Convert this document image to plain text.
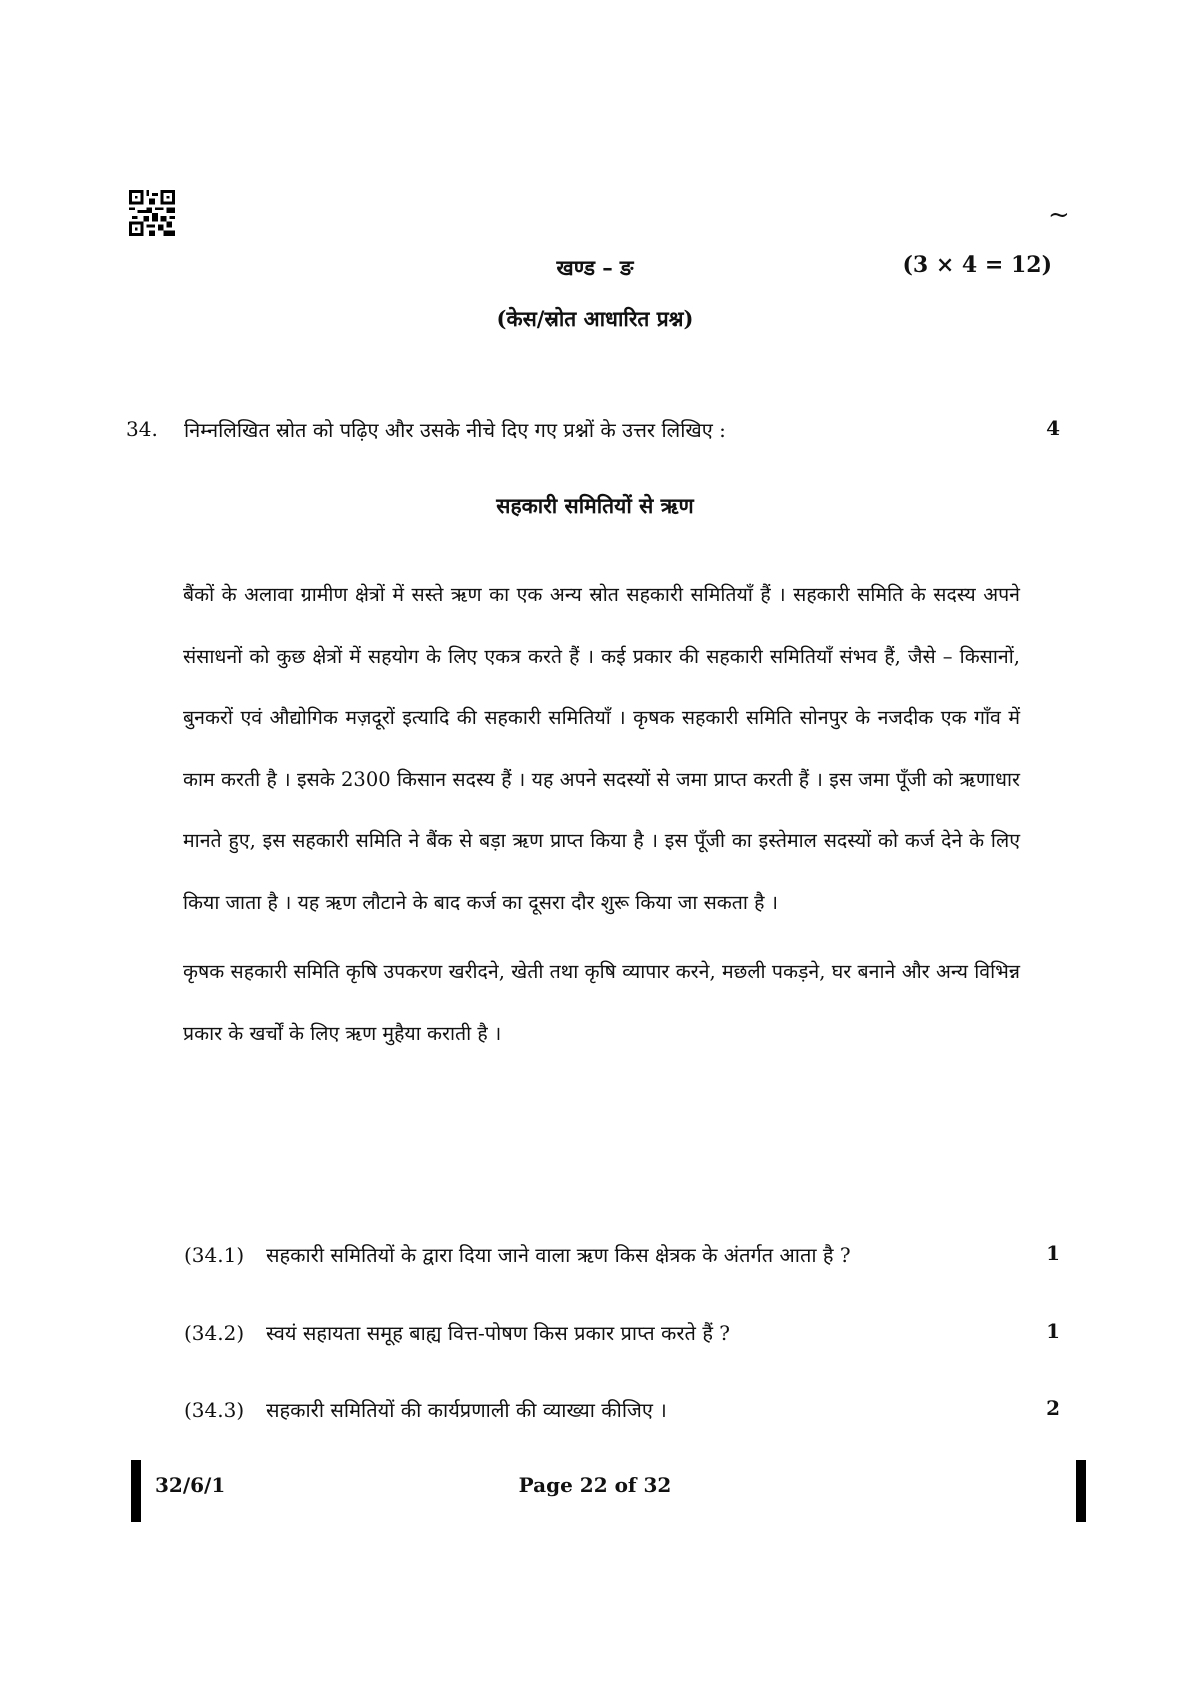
~
खण्ड – ङ	(3 × 4 = 12)
(केस/स्रोत आधारित प्रश्न)
34. निम्नलिखित स्रोत को पढ़िए और उसके नीचे दिए गए प्रश्नों के उत्तर लिखिए :	4
सहकारी समितियों से ऋण

बैंकों के अलावा ग्रामीण क्षेत्रों में सस्ते ऋण का एक अन्य स्रोत सहकारी समितियाँ हैं । सहकारी समिति के सदस्य अपने संसाधनों को कुछ क्षेत्रों में सहयोग के लिए एकत्र करते हैं । कई प्रकार की सहकारी समितियाँ संभव हैं, जैसे – किसानों, बुनकरों एवं औद्योगिक मज़दूरों इत्यादि की सहकारी समितियाँ । कृषक सहकारी समिति सोनपुर के नजदीक एक गाँव में काम करती है । इसके 2300 किसान सदस्य हैं । यह अपने सदस्यों से जमा प्राप्त करती हैं । इस जमा पूँजी को ऋणाधार मानते हुए, इस सहकारी समिति ने बैंक से बड़ा ऋण प्राप्त किया है । इस पूँजी का इस्तेमाल सदस्यों को कर्ज देने के लिए किया जाता है । यह ऋण लौटाने के बाद कर्ज का दूसरा दौर शुरू किया जा सकता है ।

कृषक सहकारी समिति कृषि उपकरण खरीदने, खेती तथा कृषि व्यापार करने, मछली पकड़ने, घर बनाने और अन्य विभिन्न प्रकार के खर्चों के लिए ऋण मुहैया कराती है ।

(34.1) सहकारी समितियों के द्वारा दिया जाने वाला ऋण किस क्षेत्रक के अंतर्गत आता है ?	1
(34.2) स्वयं सहायता समूह बाह्य वित्त-पोषण किस प्रकार प्राप्त करते हैं ?	1
(34.3) सहकारी समितियों की कार्यप्रणाली की व्याख्या कीजिए ।	2
32/6/1	Page 22 of 32
